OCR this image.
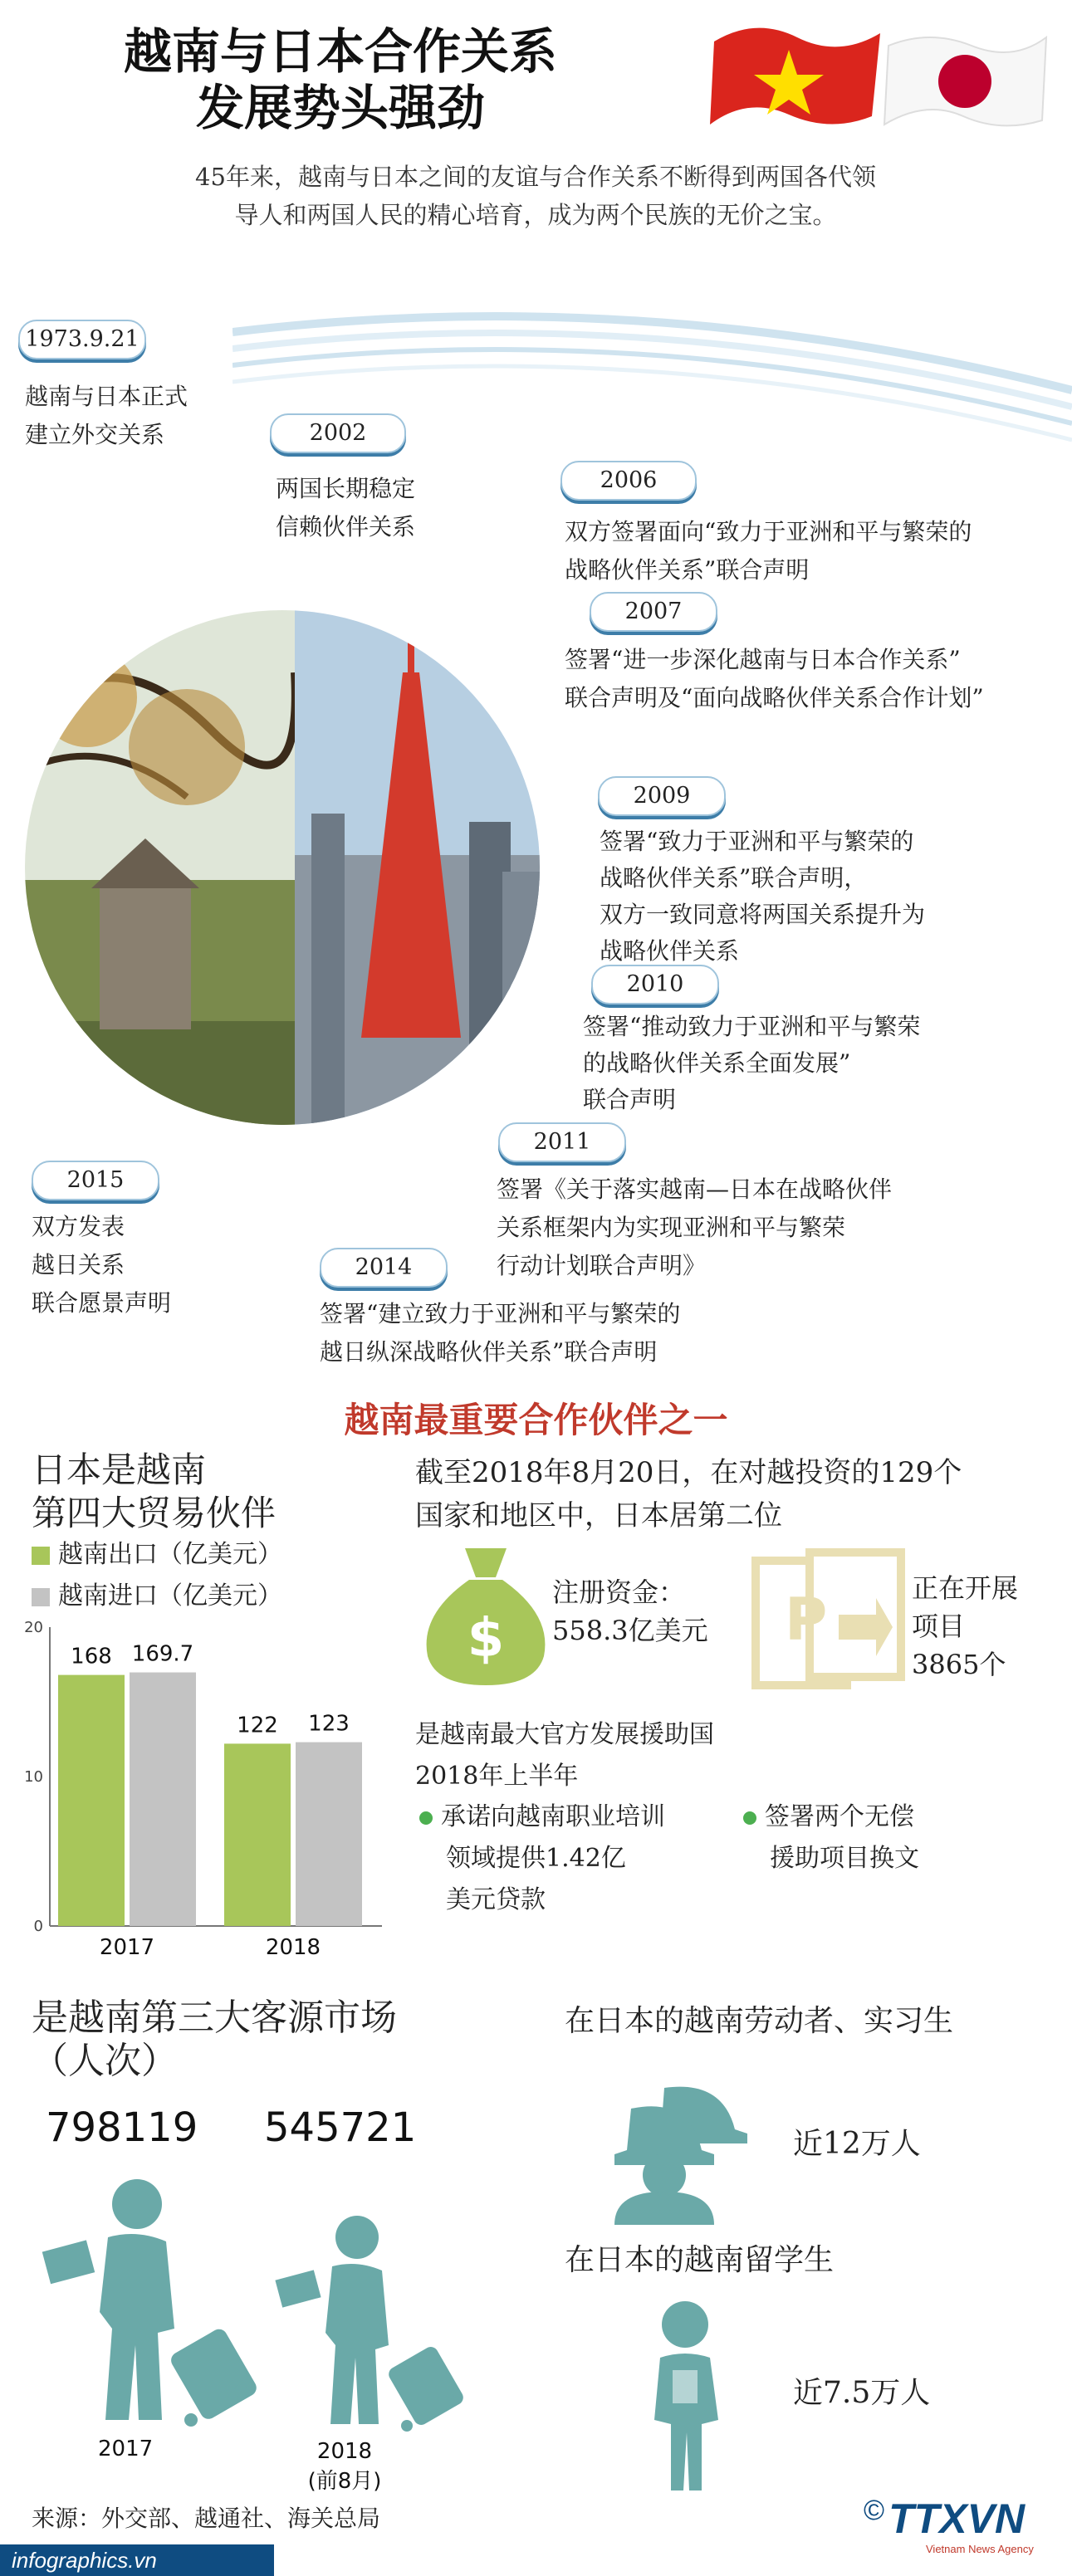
越南与日本合作关系
发展势头强劲
45年来，越南与日本之间的友谊与合作关系不断得到两国各代领
导人和两国人民的精心培育，成为两个民族的无价之宝。
1973.9.21
越南与日本正式
建立外交关系	2002
两国长期稳定
信赖伙伴关系
2006
双方签署面向“致力于亚洲和平与繁荣的
战略伙伴关系”联合声明
2007
签署“进一步深化越南与日本合作关系”
联合声明及“面向战略伙伴关系合作计划”
2009
签署“致力于亚洲和平与繁荣的
战略伙伴关系”联合声明，
双方一致同意将两国关系提升为
战略伙伴关系
2010
签署“推动致力于亚洲和平与繁荣
的战略伙伴关系全面发展”
联合声明
2011
签署《关于落实越南—日本在战略伙伴
关系框架内为实现亚洲和平与繁荣
行动计划联合声明》
2015
双方发表
越日关系
联合愿景声明
2014
签署“建立致力于亚洲和平与繁荣的
越日纵深战略伙伴关系”联合声明
越南最重要合作伙伴之一
日本是越南
第四大贸易伙伴
越南出口（亿美元）
越南进口（亿美元）
0
10
20
168 169.7
2017
122 123
2018
截至2018年8月20日，在对越投资的129个
国家和地区中，日本居第二位
$
注册资金：
558.3亿美元 P	正在开展
项目
3865个
是越南最大官方发展援助国
2018年上半年
承诺向越南职业培训
领域提供1.42亿
美元贷款
签署两个无偿
援助项目换文
是越南第三大客源市场
（人次）
798119 545721
2017	2018
(前8月)
在日本的越南劳动者、实习生
近12万人
在日本的越南留学生
近7.5万人
来源：外交部、越通社、海关总局
infographics.vn
© TTXVN
Vietnam News Agency
